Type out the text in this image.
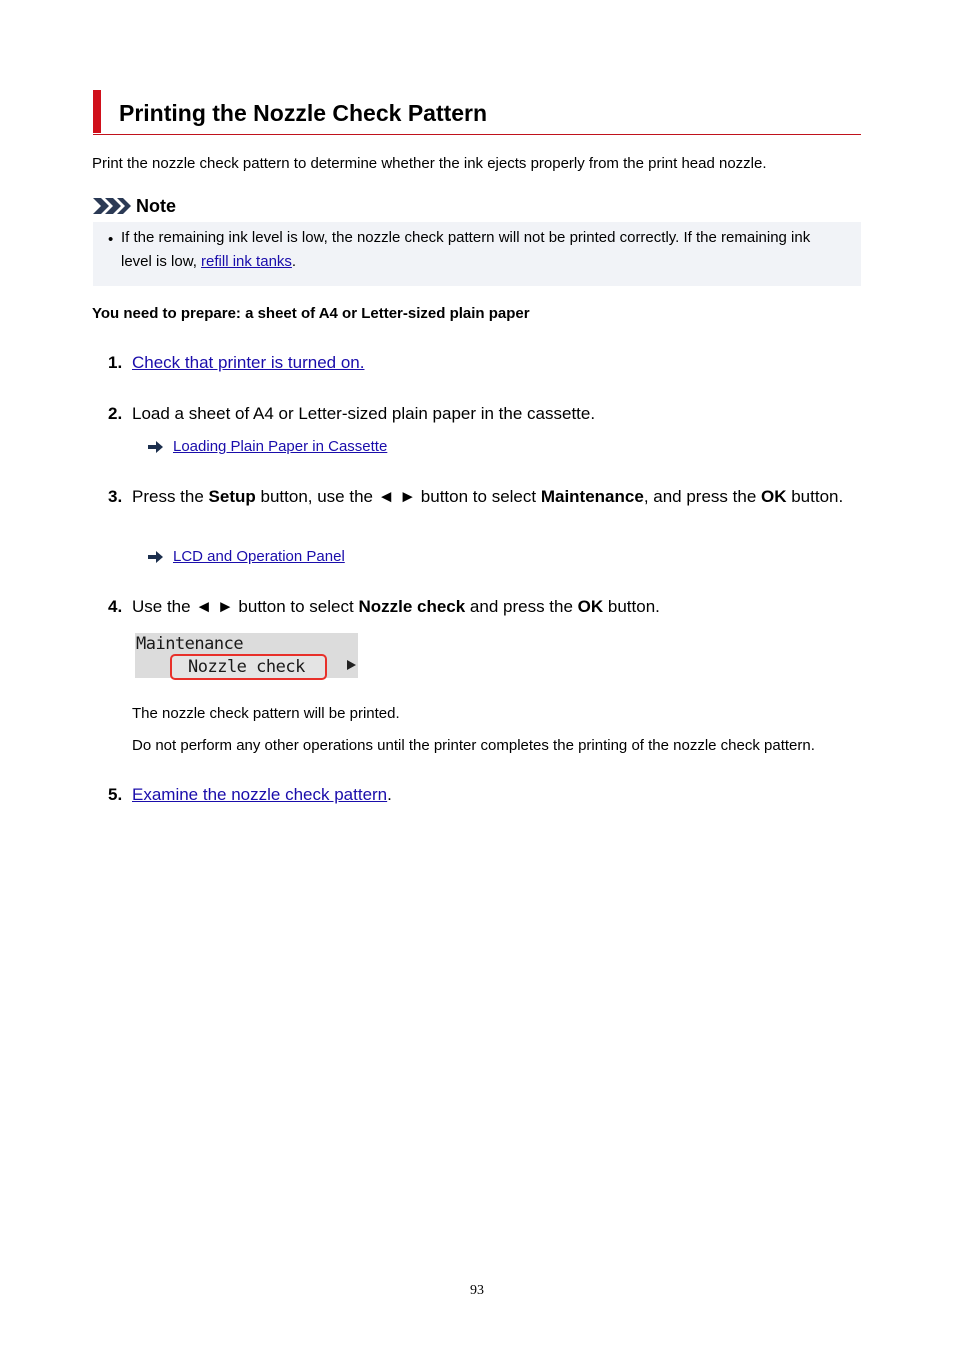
Printing the Nozzle Check Pattern

Print the nozzle check pattern to determine whether the ink ejects properly from the print head nozzle.

Note
• If the remaining ink level is low, the nozzle check pattern will not be printed correctly. If the remaining ink level is low, refill ink tanks.

You need to prepare: a sheet of A4 or Letter-sized plain paper

1. Check that printer is turned on.

2. Load a sheet of A4 or Letter-sized plain paper in the cassette.

Loading Plain Paper in Cassette
3. Press the Setup button, use the ◄ ► button to select Maintenance, and press the OK button.

LCD and Operation Panel
4. Use the ◄ ► button to select Nozzle check and press the OK button.

Maintenance
Nozzle check

The nozzle check pattern will be printed.

Do not perform any other operations until the printer completes the printing of the nozzle check pattern.

5. Examine the nozzle check pattern.

93
